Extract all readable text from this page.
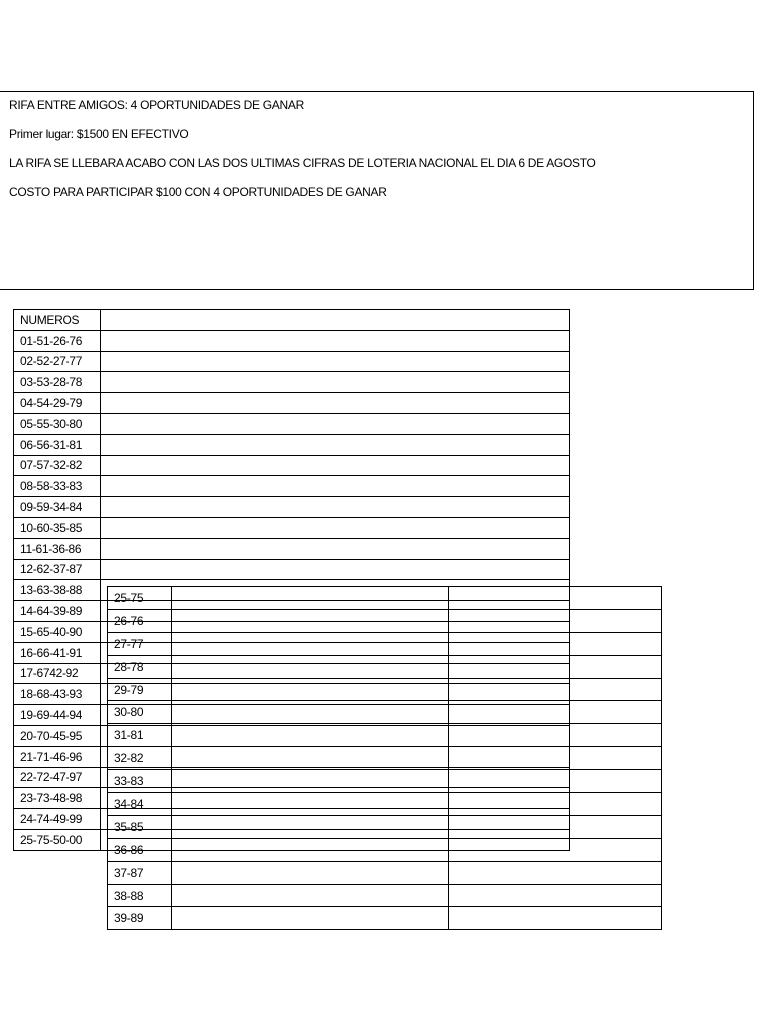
RIFA ENTRE AMIGOS: 4 OPORTUNIDADES DE GANAR

Primer lugar: $1500 EN EFECTIVO

LA RIFA SE LLEBARA ACABO CON LAS DOS ULTIMAS CIFRAS DE LOTERIA NACIONAL EL DIA 6 DE AGOSTO

COSTO PARA PARTICIPAR $100 CON 4 OPORTUNIDADES DE GANAR

NUMEROS	
01-51-26-76	
02-52-27-77	
03-53-28-78	
04-54-29-79	
05-55-30-80	
06-56-31-81	
07-57-32-82	
08-58-33-83	
09-59-34-84	
10-60-35-85	
11-61-36-86	
12-62-37-87	
13-63-38-88	
14-64-39-89	
15-65-40-90	
16-66-41-91	
17-6742-92	
18-68-43-93	
19-69-44-94	
20-70-45-95	
21-71-46-96	
22-72-47-97	
23-73-48-98	
24-74-49-99	
25-75-50-00	
25-75		
26-76		
27-77		
28-78		
29-79		
30-80		
31-81		
32-82		
33-83		
34-84		
35-85		
36-86		
37-87		
38-88		
39-89		
